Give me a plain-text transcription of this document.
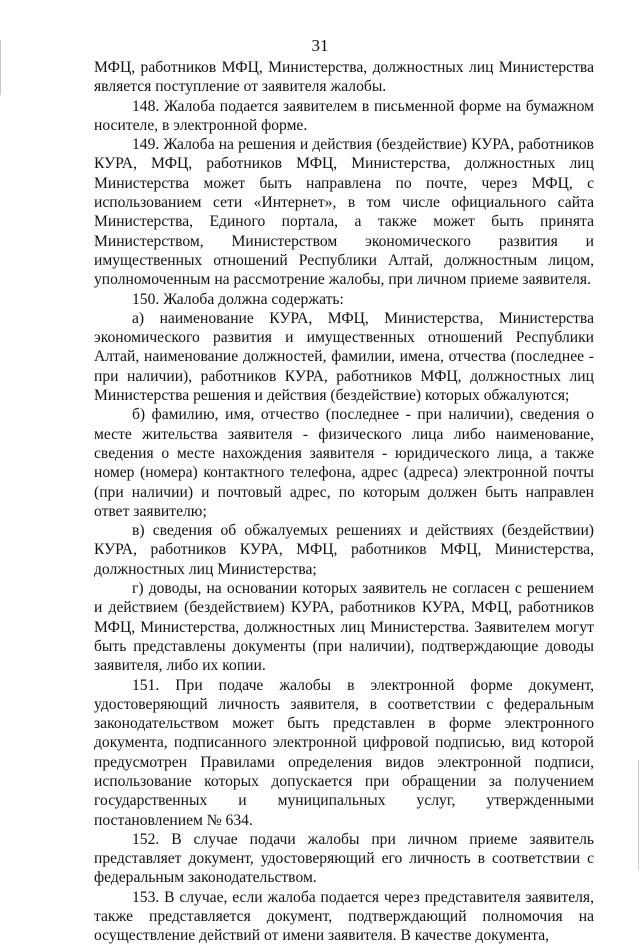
31

МФЦ, работников МФЦ, Министерства, должностных лиц Министерства является поступление от заявителя жалобы.

148. Жалоба подается заявителем в письменной форме на бумажном носителе, в электронной форме.

149. Жалоба на решения и действия (бездействие) КУРА, работников КУРА, МФЦ, работников МФЦ, Министерства, должностных лиц Министерства может быть направлена по почте, через МФЦ, с использованием сети «Интернет», в том числе официального сайта Министерства, Единого портала, а также может быть принята Министерством, Министерством экономического развития и имущественных отношений Республики Алтай, должностным лицом, уполномоченным на рассмотрение жалобы, при личном приеме заявителя.

150. Жалоба должна содержать:

а) наименование КУРА, МФЦ, Министерства, Министерства экономического развития и имущественных отношений Республики Алтай, наименование должностей, фамилии, имена, отчества (последнее - при наличии), работников КУРА, работников МФЦ, должностных лиц Министерства решения и действия (бездействие) которых обжалуются;

б) фамилию, имя, отчество (последнее - при наличии), сведения о месте жительства заявителя - физического лица либо наименование, сведения о месте нахождения заявителя - юридического лица, а также номер (номера) контактного телефона, адрес (адреса) электронной почты (при наличии) и почтовый адрес, по которым должен быть направлен ответ заявителю;

в) сведения об обжалуемых решениях и действиях (бездействии) КУРА, работников КУРА, МФЦ, работников МФЦ, Министерства, должностных лиц Министерства;

г) доводы, на основании которых заявитель не согласен с решением и действием (бездействием) КУРА, работников КУРА, МФЦ, работников МФЦ, Министерства, должностных лиц Министерства. Заявителем могут быть представлены документы (при наличии), подтверждающие доводы заявителя, либо их копии.

151. При подаче жалобы в электронной форме документ, удостоверяющий личность заявителя, в соответствии с федеральным законодательством может быть представлен в форме электронного документа, подписанного электронной цифровой подписью, вид которой предусмотрен Правилами определения видов электронной подписи, использование которых допускается при обращении за получением государственных и муниципальных услуг, утвержденными постановлением № 634.

152. В случае подачи жалобы при личном приеме заявитель представляет документ, удостоверяющий его личность в соответствии с федеральным законодательством.

153. В случае, если жалоба подается через представителя заявителя, также представляется документ, подтверждающий полномочия на осуществление действий от имени заявителя. В качестве документа,
